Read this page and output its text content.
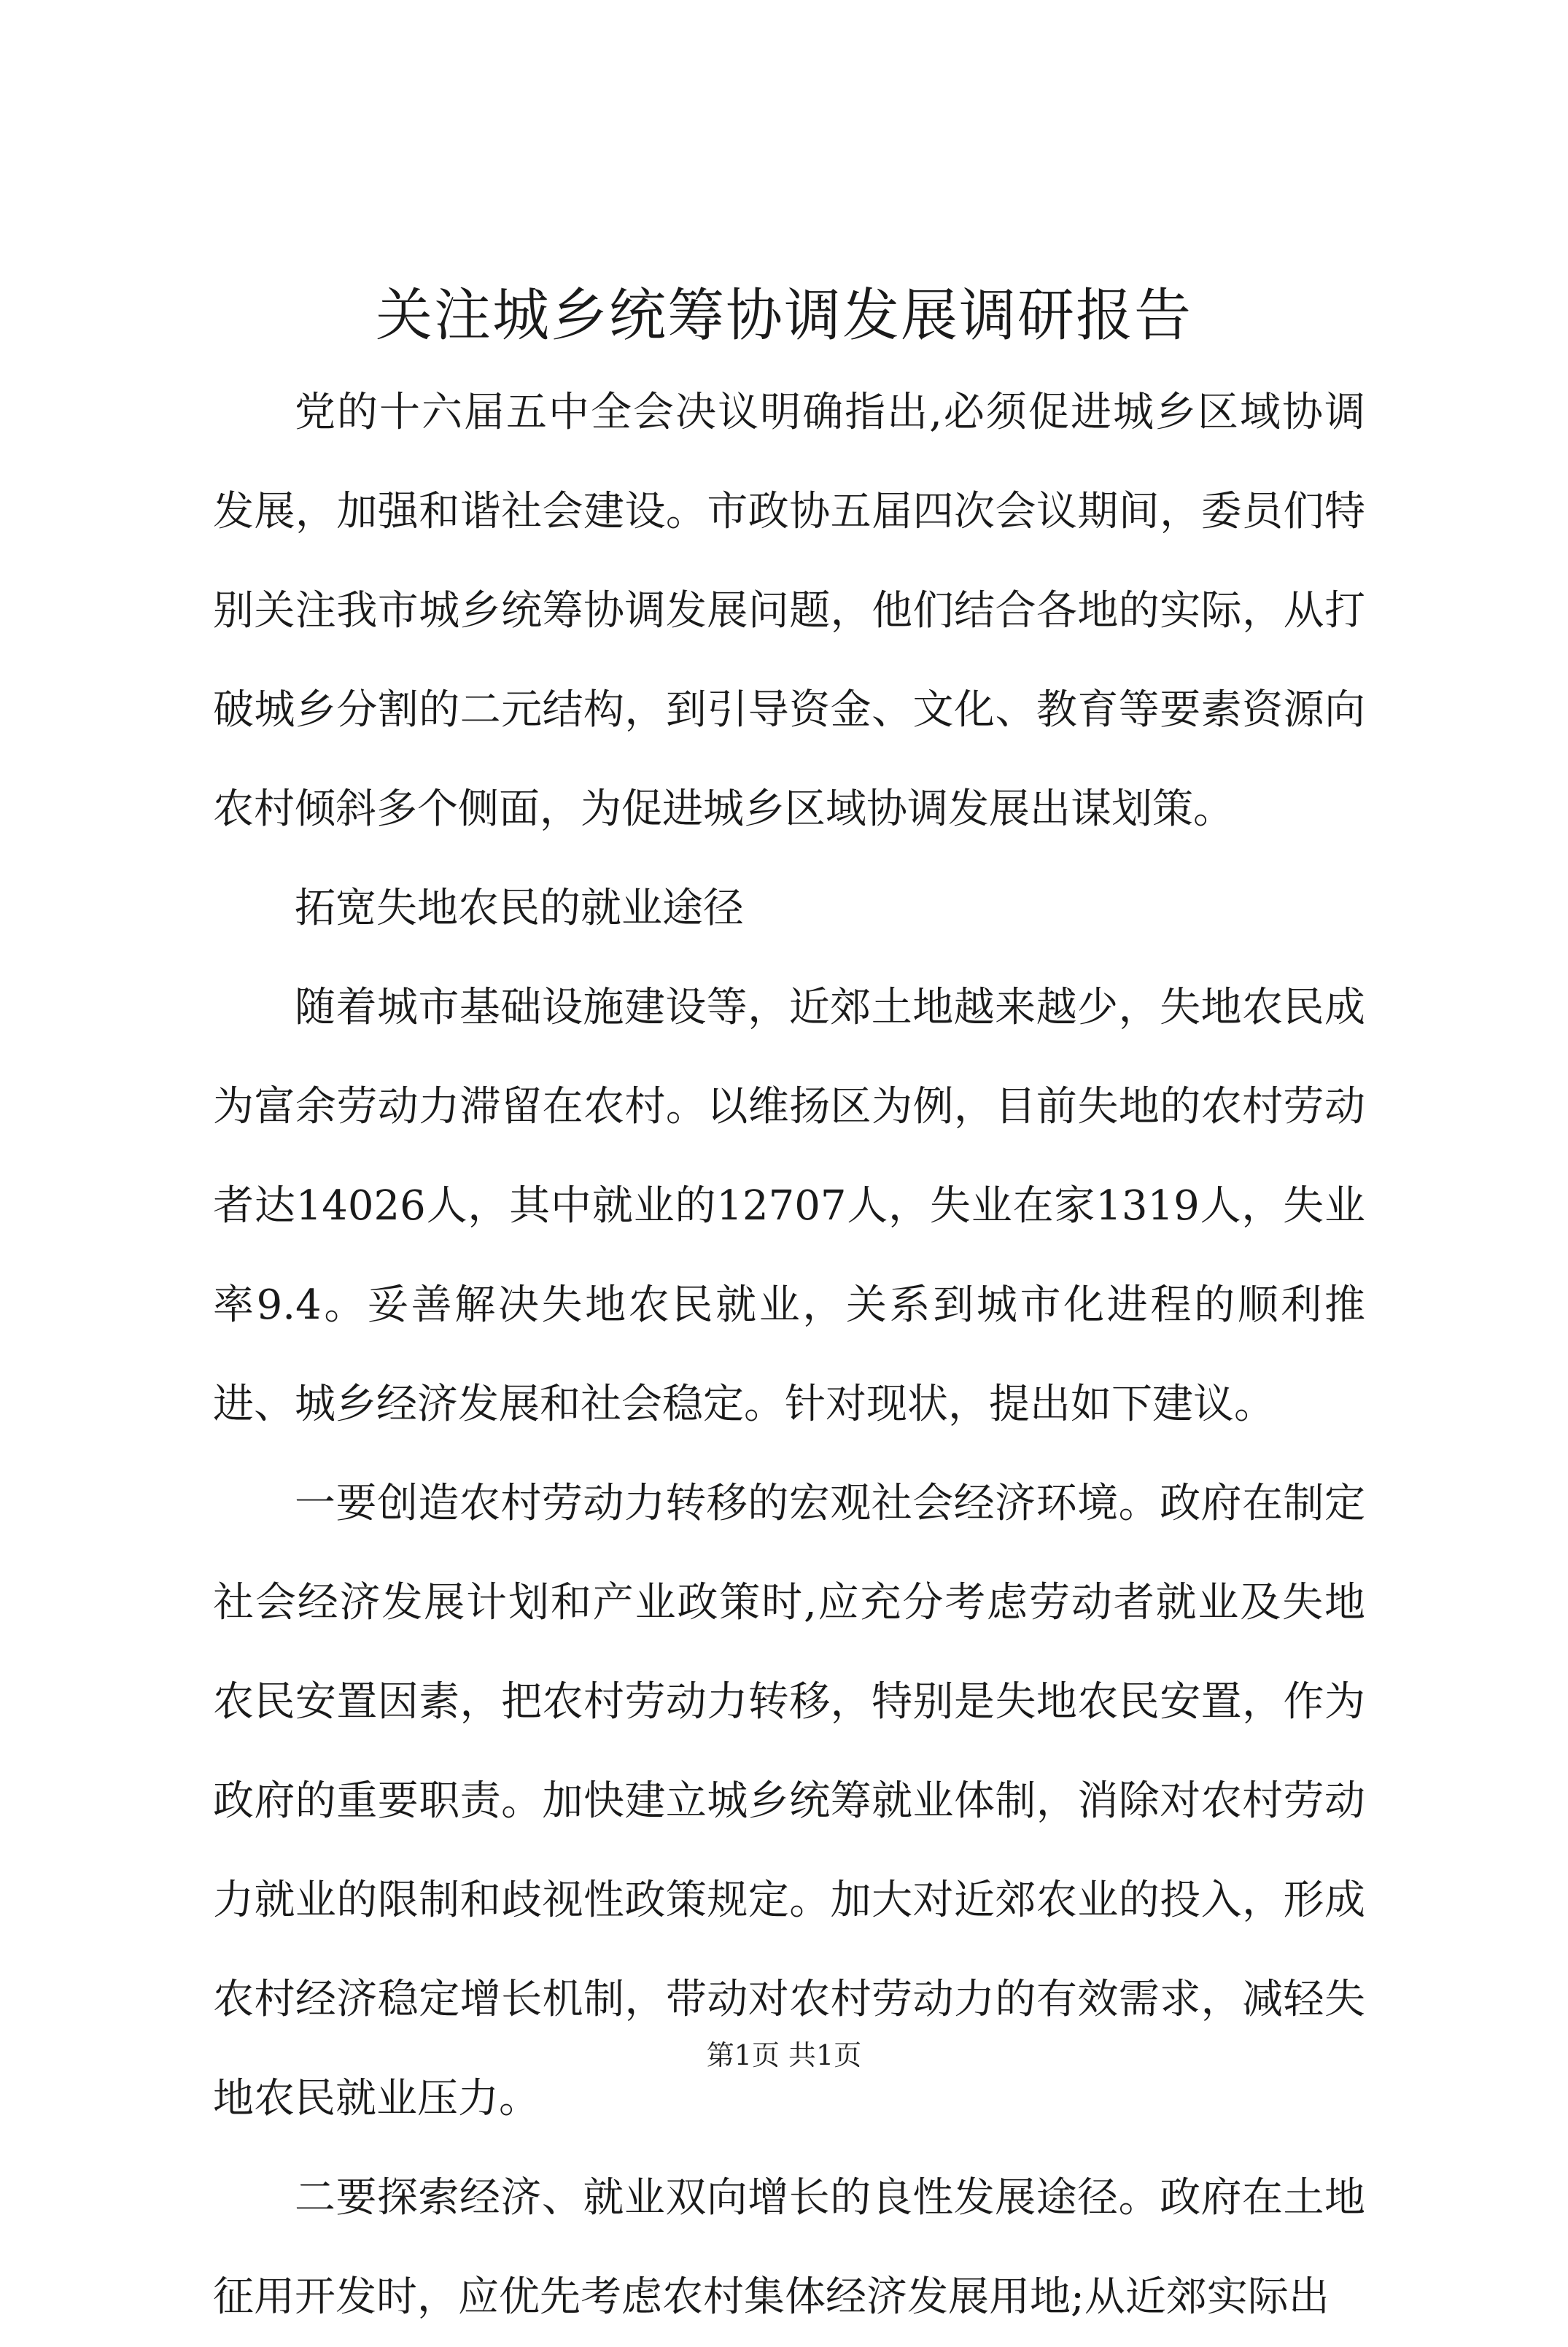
关注城乡统筹协调发展调研报告

党的十六届五中全会决议明确指出,必须促进城乡区域协调发展，加强和谐社会建设。市政协五届四次会议期间，委员们特别关注我市城乡统筹协调发展问题，他们结合各地的实际，从打破城乡分割的二元结构，到引导资金、文化、教育等要素资源向农村倾斜多个侧面，为促进城乡区域协调发展出谋划策。

拓宽失地农民的就业途径

随着城市基础设施建设等，近郊土地越来越少，失地农民成为富余劳动力滞留在农村。以维扬区为例，目前失地的农村劳动者达14026人，其中就业的12707人，失业在家1319人，失业率9.4。妥善解决失地农民就业，关系到城市化进程的顺利推进、城乡经济发展和社会稳定。针对现状，提出如下建议。

一要创造农村劳动力转移的宏观社会经济环境。政府在制定社会经济发展计划和产业政策时,应充分考虑劳动者就业及失地农民安置因素，把农村劳动力转移，特别是失地农民安置，作为政府的重要职责。加快建立城乡统筹就业体制，消除对农村劳动力就业的限制和歧视性政策规定。加大对近郊农业的投入，形成农村经济稳定增长机制，带动对农村劳动力的有效需求，减轻失地农民就业压力。

二要探索经济、就业双向增长的良性发展途径。政府在土地征用开发时，应优先考虑农村集体经济发展用地;从近郊实际出

第1页 共1页
